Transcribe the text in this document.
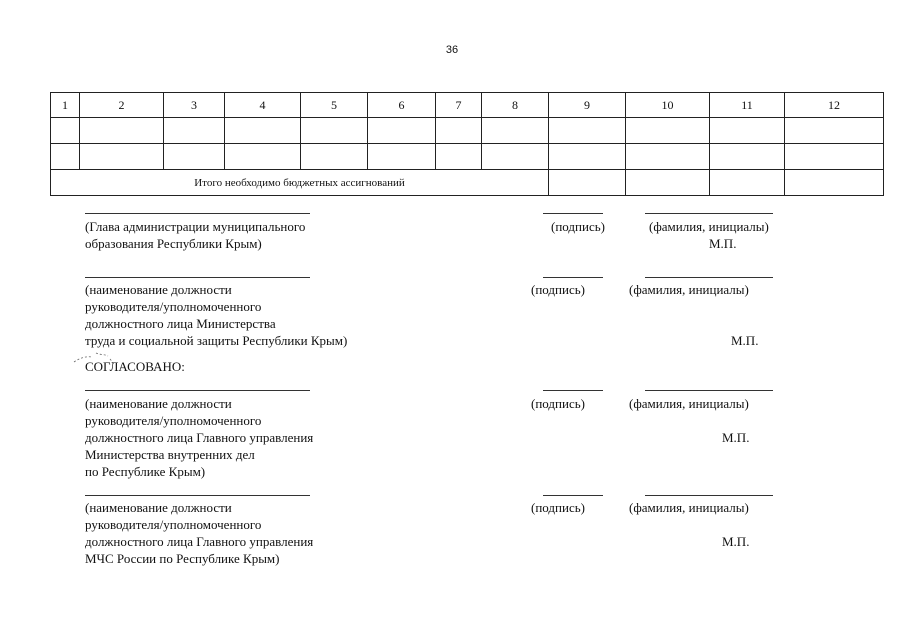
36
1	2	3	4	5	6	7	8	9	10	11	12

Итого необходимо бюджетных ассигнований											
(Глава администрации муниципального
образования Республики Крым)
(подпись)	(фамилия, инициалы)
М.П.
(наименование должности
руководителя/уполномоченного
должностного лица Министерства
труда и социальной защиты Республики Крым)
(подпись)	(фамилия, инициалы)
М.П.
СОГЛАСОВАНО:
(наименование должности
руководителя/уполномоченного
должностного лица Главного управления
Министерства внутренних дел
по Республике Крым)
(подпись)	(фамилия, инициалы)
М.П.
(наименование должности
руководителя/уполномоченного
должностного лица Главного управления
МЧС России по Республике Крым)
(подпись)	(фамилия, инициалы)
М.П.
